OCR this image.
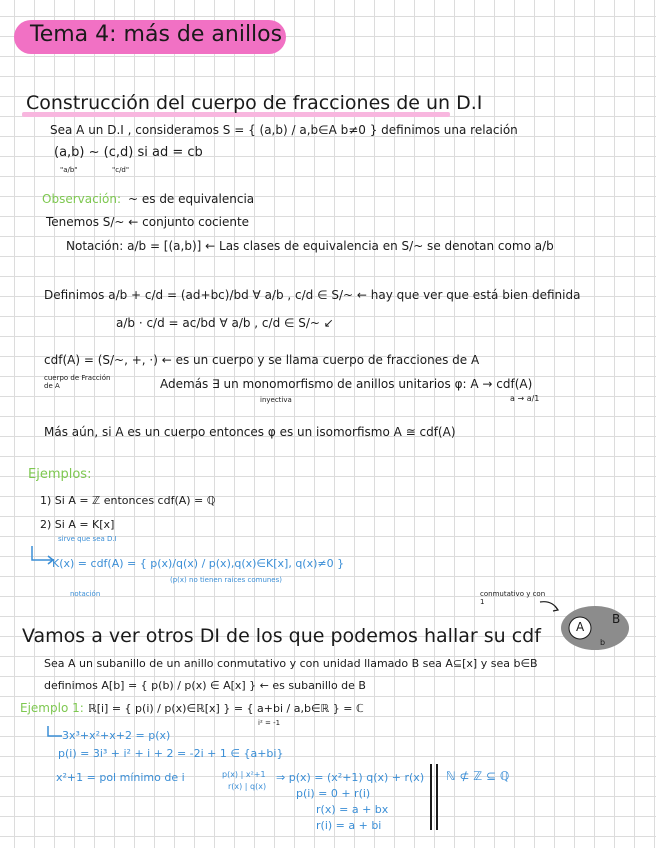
Tema 4: más de anillos
Construcción del cuerpo de fracciones de un D.I
Sea A un D.I , consideramos S = { (a,b) / a,b∈A b≠0 } definimos una relación
(a,b) ~ (c,d) si ad = cb
"a/b"	"c/d"
Observación: ~ es de equivalencia
Tenemos S/~ ← conjunto cociente
Notación: a/b = [(a,b)] ← Las clases de equivalencia en S/~ se denotan como a/b
Definimos a/b + c/d = (ad+bc)/bd ∀ a/b , c/d ∈ S/~ ← hay que ver que está bien definida
a/b · c/d = ac/bd ∀ a/b , c/d ∈ S/~ ↙
cdf(A) = (S/~, +, ·) ← es un cuerpo y se llama cuerpo de fracciones de A
cuerpo de Fracción de A	Además ∃ un monomorfismo de anillos unitarios φ: A → cdf(A)
inyectiva	a → a/1
Más aún, si A es un cuerpo entonces φ es un isomorfismo A ≅ cdf(A)
Ejemplos:
1) Si A = ℤ entonces cdf(A) = ℚ
2) Si A = K[x]
sirve que sea D.I
K(x) = cdf(A) = { p(x)/q(x) / p(x),q(x)∈K[x], q(x)≠0 }
(p(x) no tienen raíces comunes)
notación	conmutativo y con 1
A
B
b
Vamos a ver otros DI de los que podemos hallar su cdf
Sea A un subanillo de un anillo conmutativo y con unidad llamado B sea A⊆[x] y sea b∈B
definimos A[b] = { p(b) / p(x) ∈ A[x] } ← es subanillo de B
Ejemplo 1: ℝ[i] = { p(i) / p(x)∈ℝ[x] } = { a+bi / a,b∈ℝ } = ℂ
i² = -1
3x³+x²+x+2 = p(x)
p(i) = 3i³ + i² + i + 2 = -2i + 1 ∈ {a+bi}
x²+1 = pol mínimo de i	p(x) | x²+1
r(x) | q(x)
⇒ p(x) = (x²+1) q(x) + r(x)
p(i) = 0 + r(i)
r(x) = a + bx
r(i) = a + bi
ℕ ⊄ ℤ ⊆ ℚ
